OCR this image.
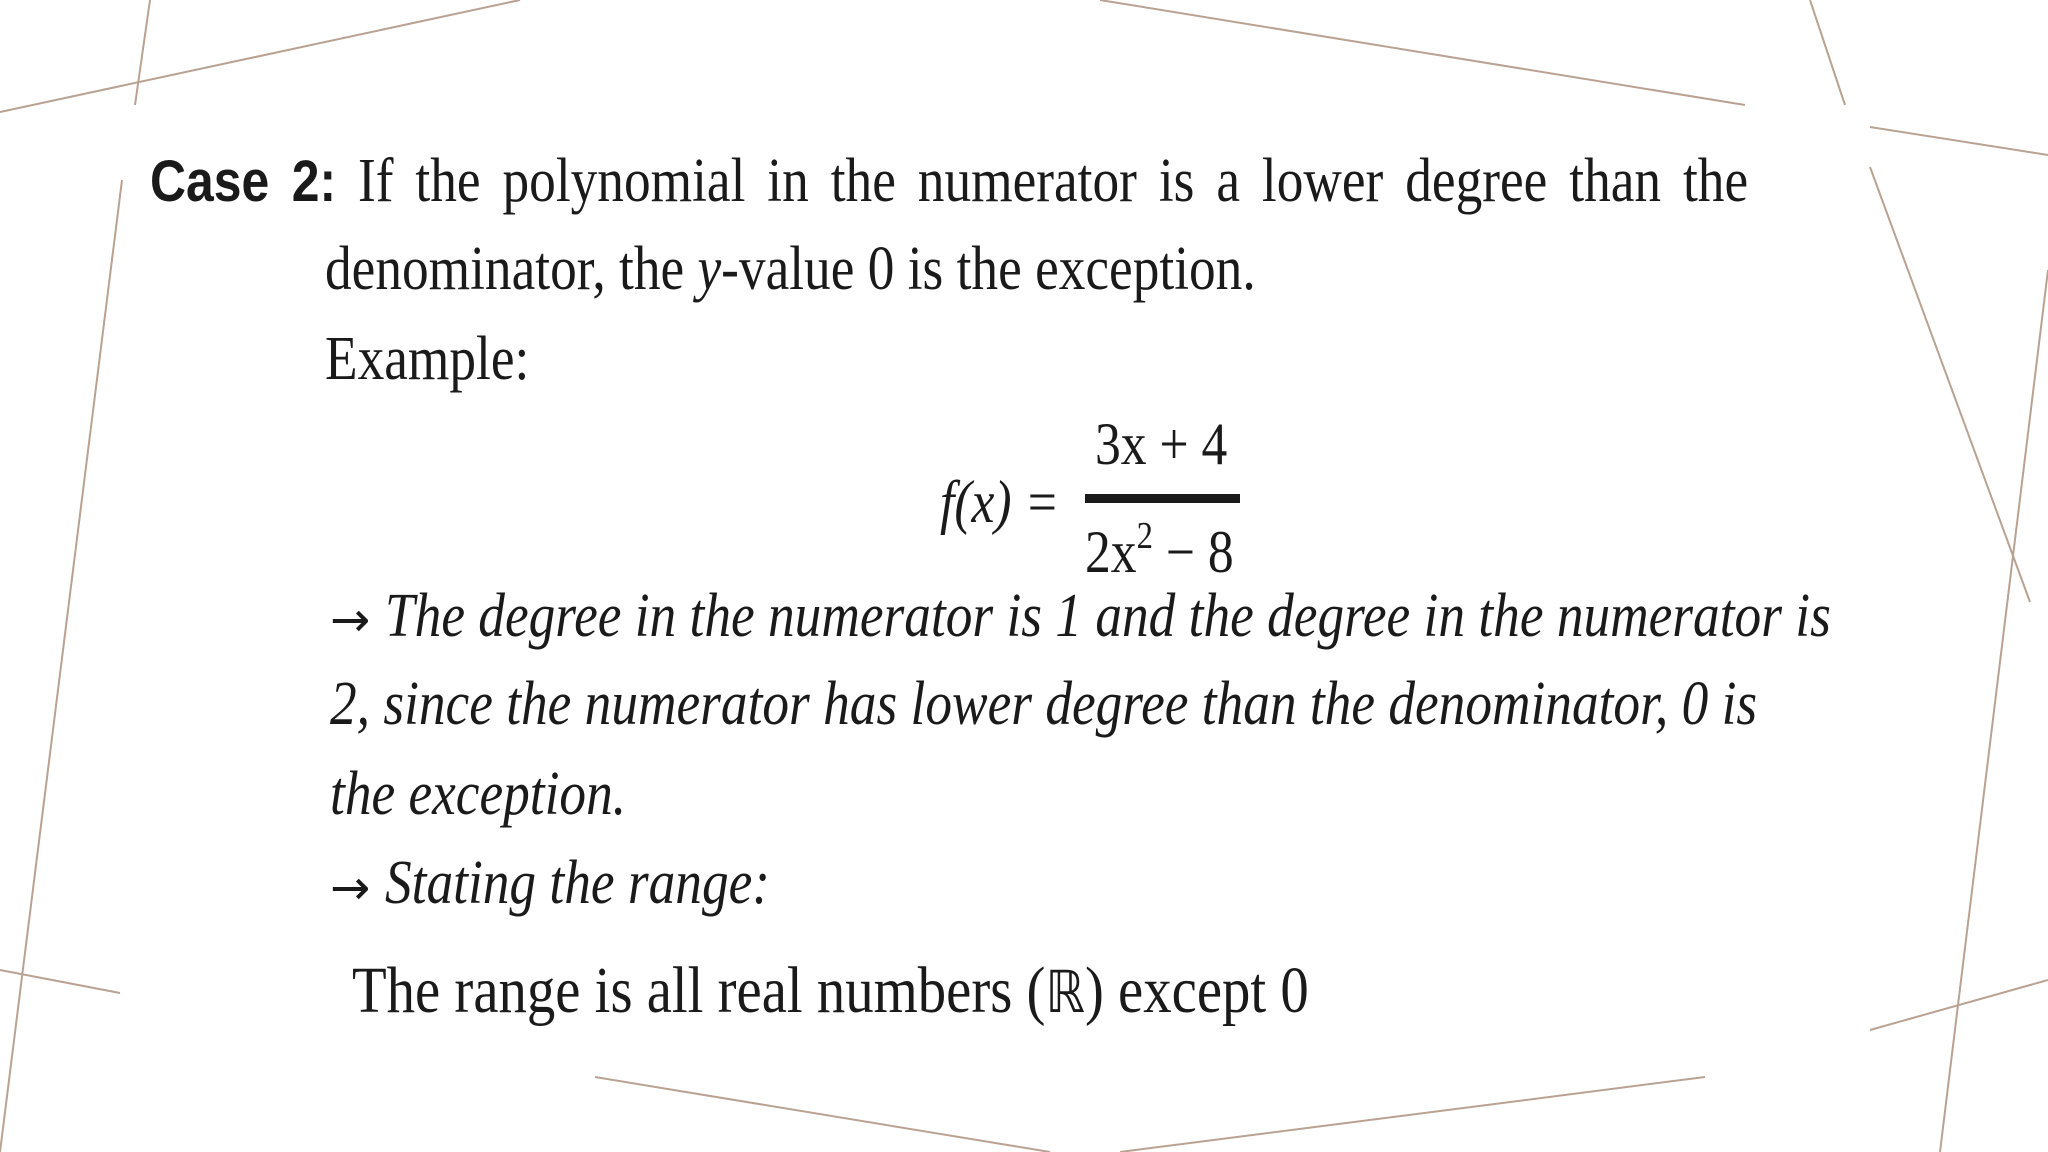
Case 2: If the polynomial in the numerator is a lower degree than the
denominator, the y-value 0 is the exception.
Example:
f(x) =
3x + 4
$2x^2 - 8$
→ The degree in the numerator is 1 and the degree in the numerator is
2, since the numerator has lower degree than the denominator, 0 is
the exception.
→ Stating the range:
The range is all real numbers (ℝ) except 0
